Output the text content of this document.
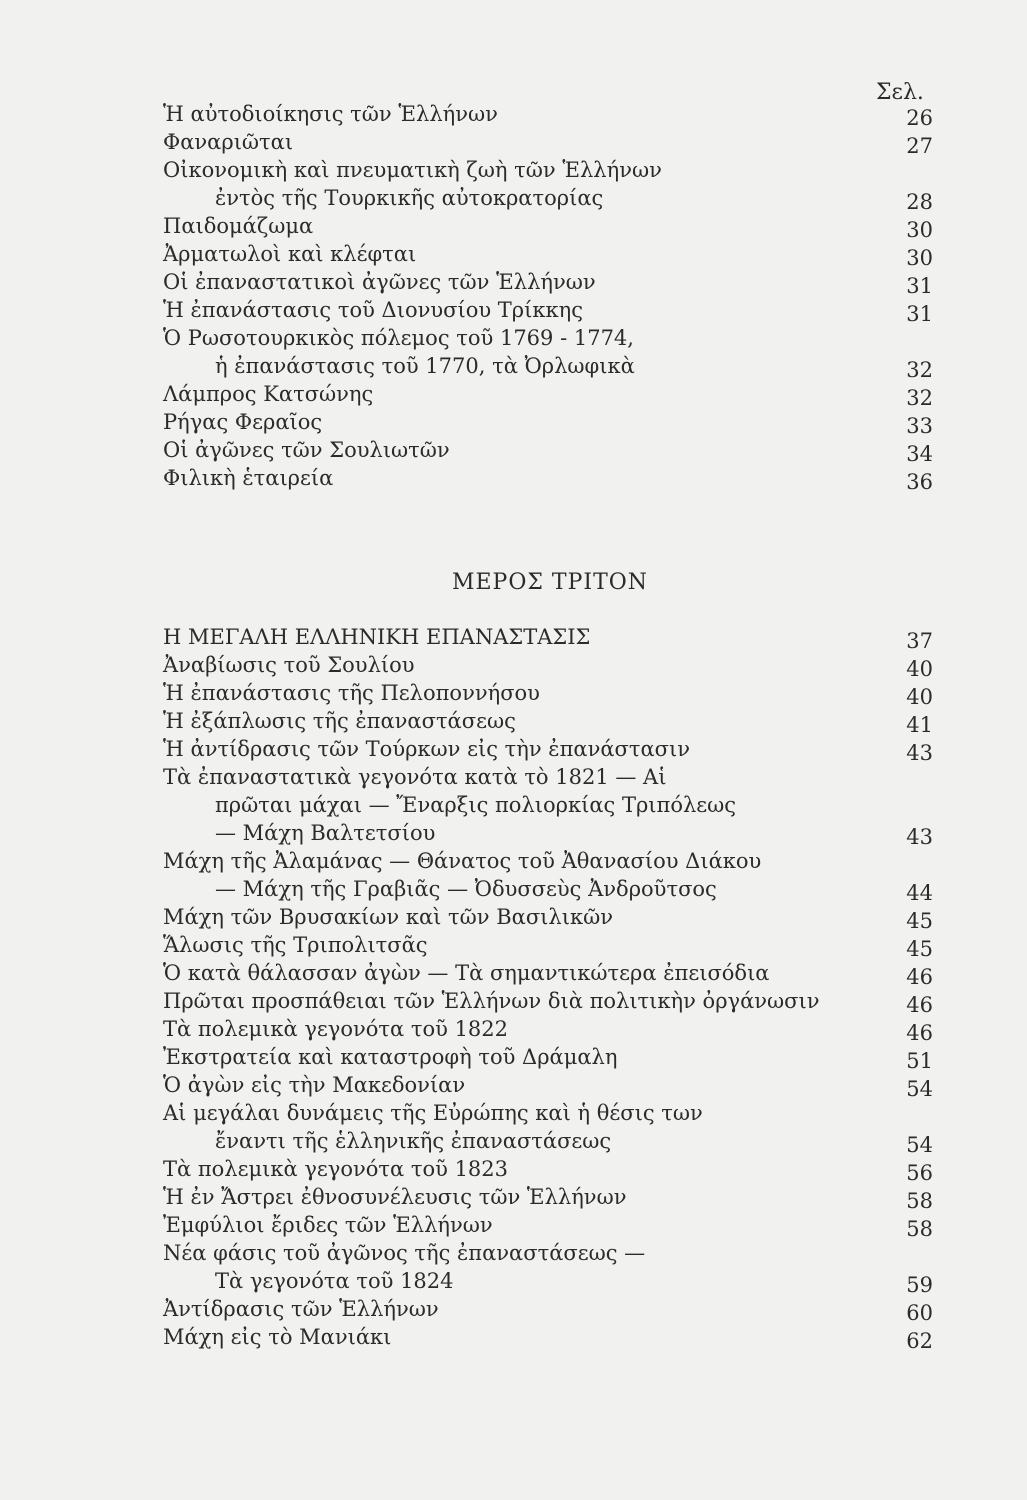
Σελ.
Ἡ αὐτοδιοίκησις τῶν Ἑλλήνων	26
Φαναριῶται	27
Οἰκονομικὴ καὶ πνευματικὴ ζωὴ τῶν Ἑλλήνων
ἐντὸς τῆς Τουρκικῆς αὐτοκρατορίας	28
Παιδομάζωμα	30
Ἀρματωλοὶ καὶ κλέφται	30
Οἱ ἐπαναστατικοὶ ἀγῶνες τῶν Ἑλλήνων	31
Ἡ ἐπανάστασις τοῦ Διονυσίου Τρίκκης	31
Ὁ Ρωσοτουρκικὸς πόλεμος τοῦ 1769 - 1774,
ἡ ἐπανάστασις τοῦ 1770, τὰ Ὀρλωφικὰ	32
Λάμπρος Κατσώνης	32
Ρήγας Φεραῖος	33
Οἱ ἀγῶνες τῶν Σουλιωτῶν	34
Φιλικὴ ἑταιρεία	36
ΜΕΡΟΣ ΤΡΙΤΟΝ
Η ΜΕΓΑΛΗ ΕΛΛΗΝΙΚΗ ΕΠΑΝΑΣΤΑΣΙΣ	37
Ἀναβίωσις τοῦ Σουλίου	40
Ἡ ἐπανάστασις τῆς Πελοποννήσου	40
Ἡ ἐξάπλωσις τῆς ἐπαναστάσεως	41
Ἡ ἀντίδρασις τῶν Τούρκων εἰς τὴν ἐπανάστασιν	43
Τὰ ἐπαναστατικὰ γεγονότα κατὰ τὸ 1821 — Αἱ
πρῶται μάχαι — Ἔναρξις πολιορκίας Τριπόλεως
— Μάχη Βαλτετσίου	43
Μάχη τῆς Ἀλαμάνας — Θάνατος τοῦ Ἀθανασίου Διάκου
— Μάχη τῆς Γραβιᾶς — Ὀδυσσεὺς Ἀνδροῦτσος	44
Μάχη τῶν Βρυσακίων καὶ τῶν Βασιλικῶν	45
Ἅλωσις τῆς Τριπολιτσᾶς	45
Ὁ κατὰ θάλασσαν ἀγὼν — Τὰ σημαντικώτερα ἐπεισόδια	46
Πρῶται προσπάθειαι τῶν Ἑλλήνων διὰ πολιτικὴν ὀργάνωσιν	46
Τὰ πολεμικὰ γεγονότα τοῦ 1822	46
Ἐκστρατεία καὶ καταστροφὴ τοῦ Δράμαλη	51
Ὁ ἀγὼν εἰς τὴν Μακεδονίαν	54
Αἱ μεγάλαι δυνάμεις τῆς Εὐρώπης καὶ ἡ θέσις των
ἔναντι τῆς ἑλληνικῆς ἐπαναστάσεως	54
Τὰ πολεμικὰ γεγονότα τοῦ 1823	56
Ἡ ἐν Ἄστρει ἐθνοσυνέλευσις τῶν Ἑλλήνων	58
Ἐμφύλιοι ἔριδες τῶν Ἑλλήνων	58
Νέα φάσις τοῦ ἀγῶνος τῆς ἐπαναστάσεως —
Τὰ γεγονότα τοῦ 1824	59
Ἀντίδρασις τῶν Ἑλλήνων	60
Μάχη εἰς τὸ Μανιάκι	62
